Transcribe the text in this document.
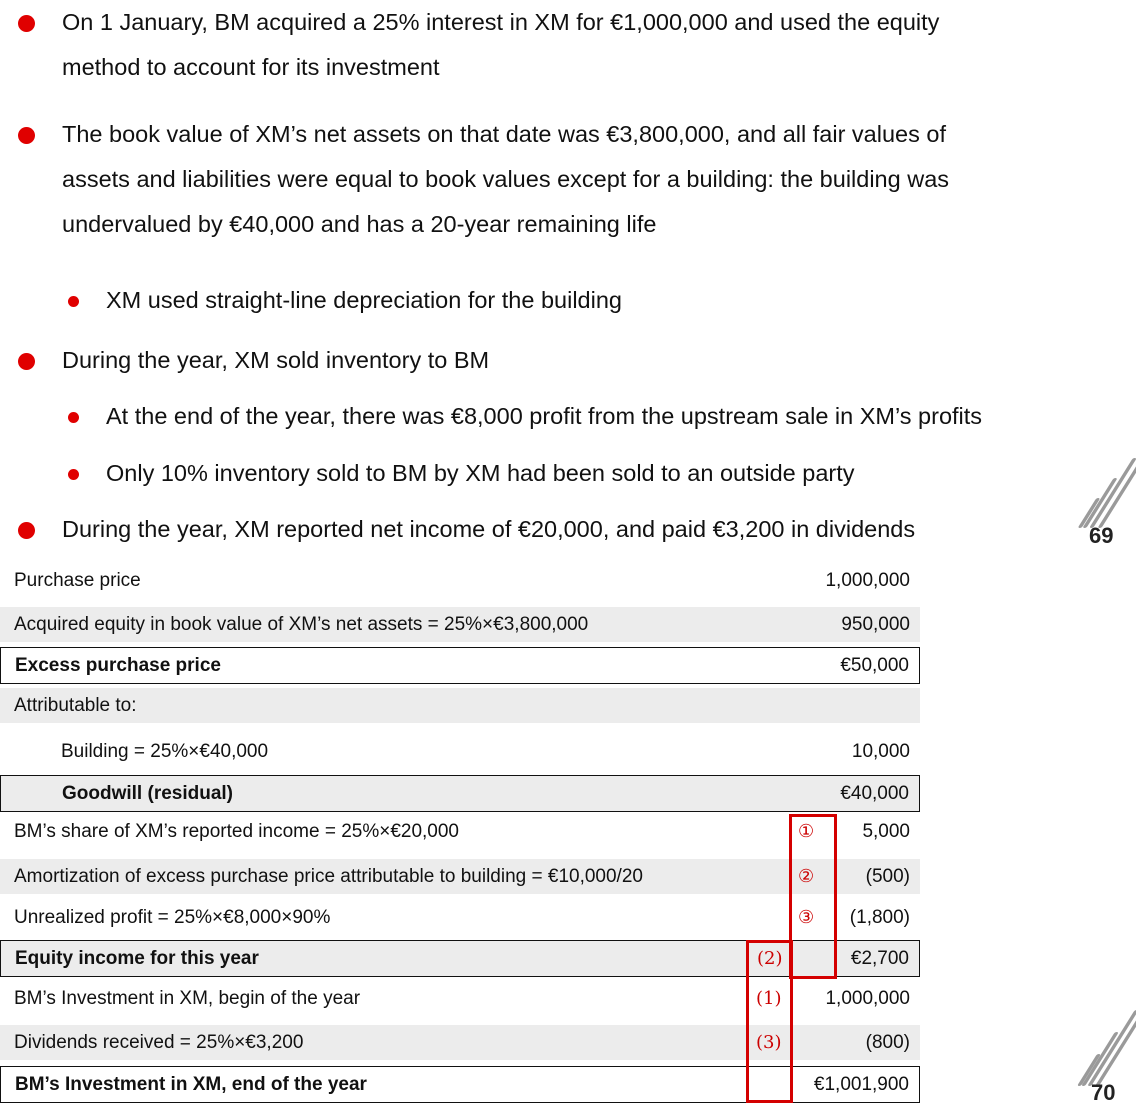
On 1 January, BM acquired a 25% interest in XM for €1,000,000 and used the equity
method to account for its investment
The book value of XM’s net assets on that date was €3,800,000, and all fair values of
assets and liabilities were equal to book values except for a building: the building was
undervalued by €40,000 and has a 20-year remaining life
XM used straight-line depreciation for the building
During the year, XM sold inventory to BM
At the end of the year, there was €8,000 profit from the upstream sale in XM’s profits
Only 10% inventory sold to BM by XM had been sold to an outside party
During the year, XM reported net income of €20,000, and paid €3,200 in dividends	69
70
Purchase price	1,000,000
Acquired equity in book value of XM’s net assets = 25%×€3,800,000	950,000
Excess purchase price	€50,000
Attributable to:
Building = 25%×€40,000	10,000
Goodwill (residual)	€40,000
BM’s share of XM’s reported income = 25%×€20,000	①	5,000
Amortization of excess purchase price attributable to building = €10,000/20	②	(500)
Unrealized profit = 25%×€8,000×90%	③ (1,800)
Equity income for this year	(2)	€2,700
BM’s Investment in XM, begin of the year	(1) 1,000,000
Dividends received = 25%×€3,200	(3)	(800)
BM’s Investment in XM, end of the year	€1,001,900
